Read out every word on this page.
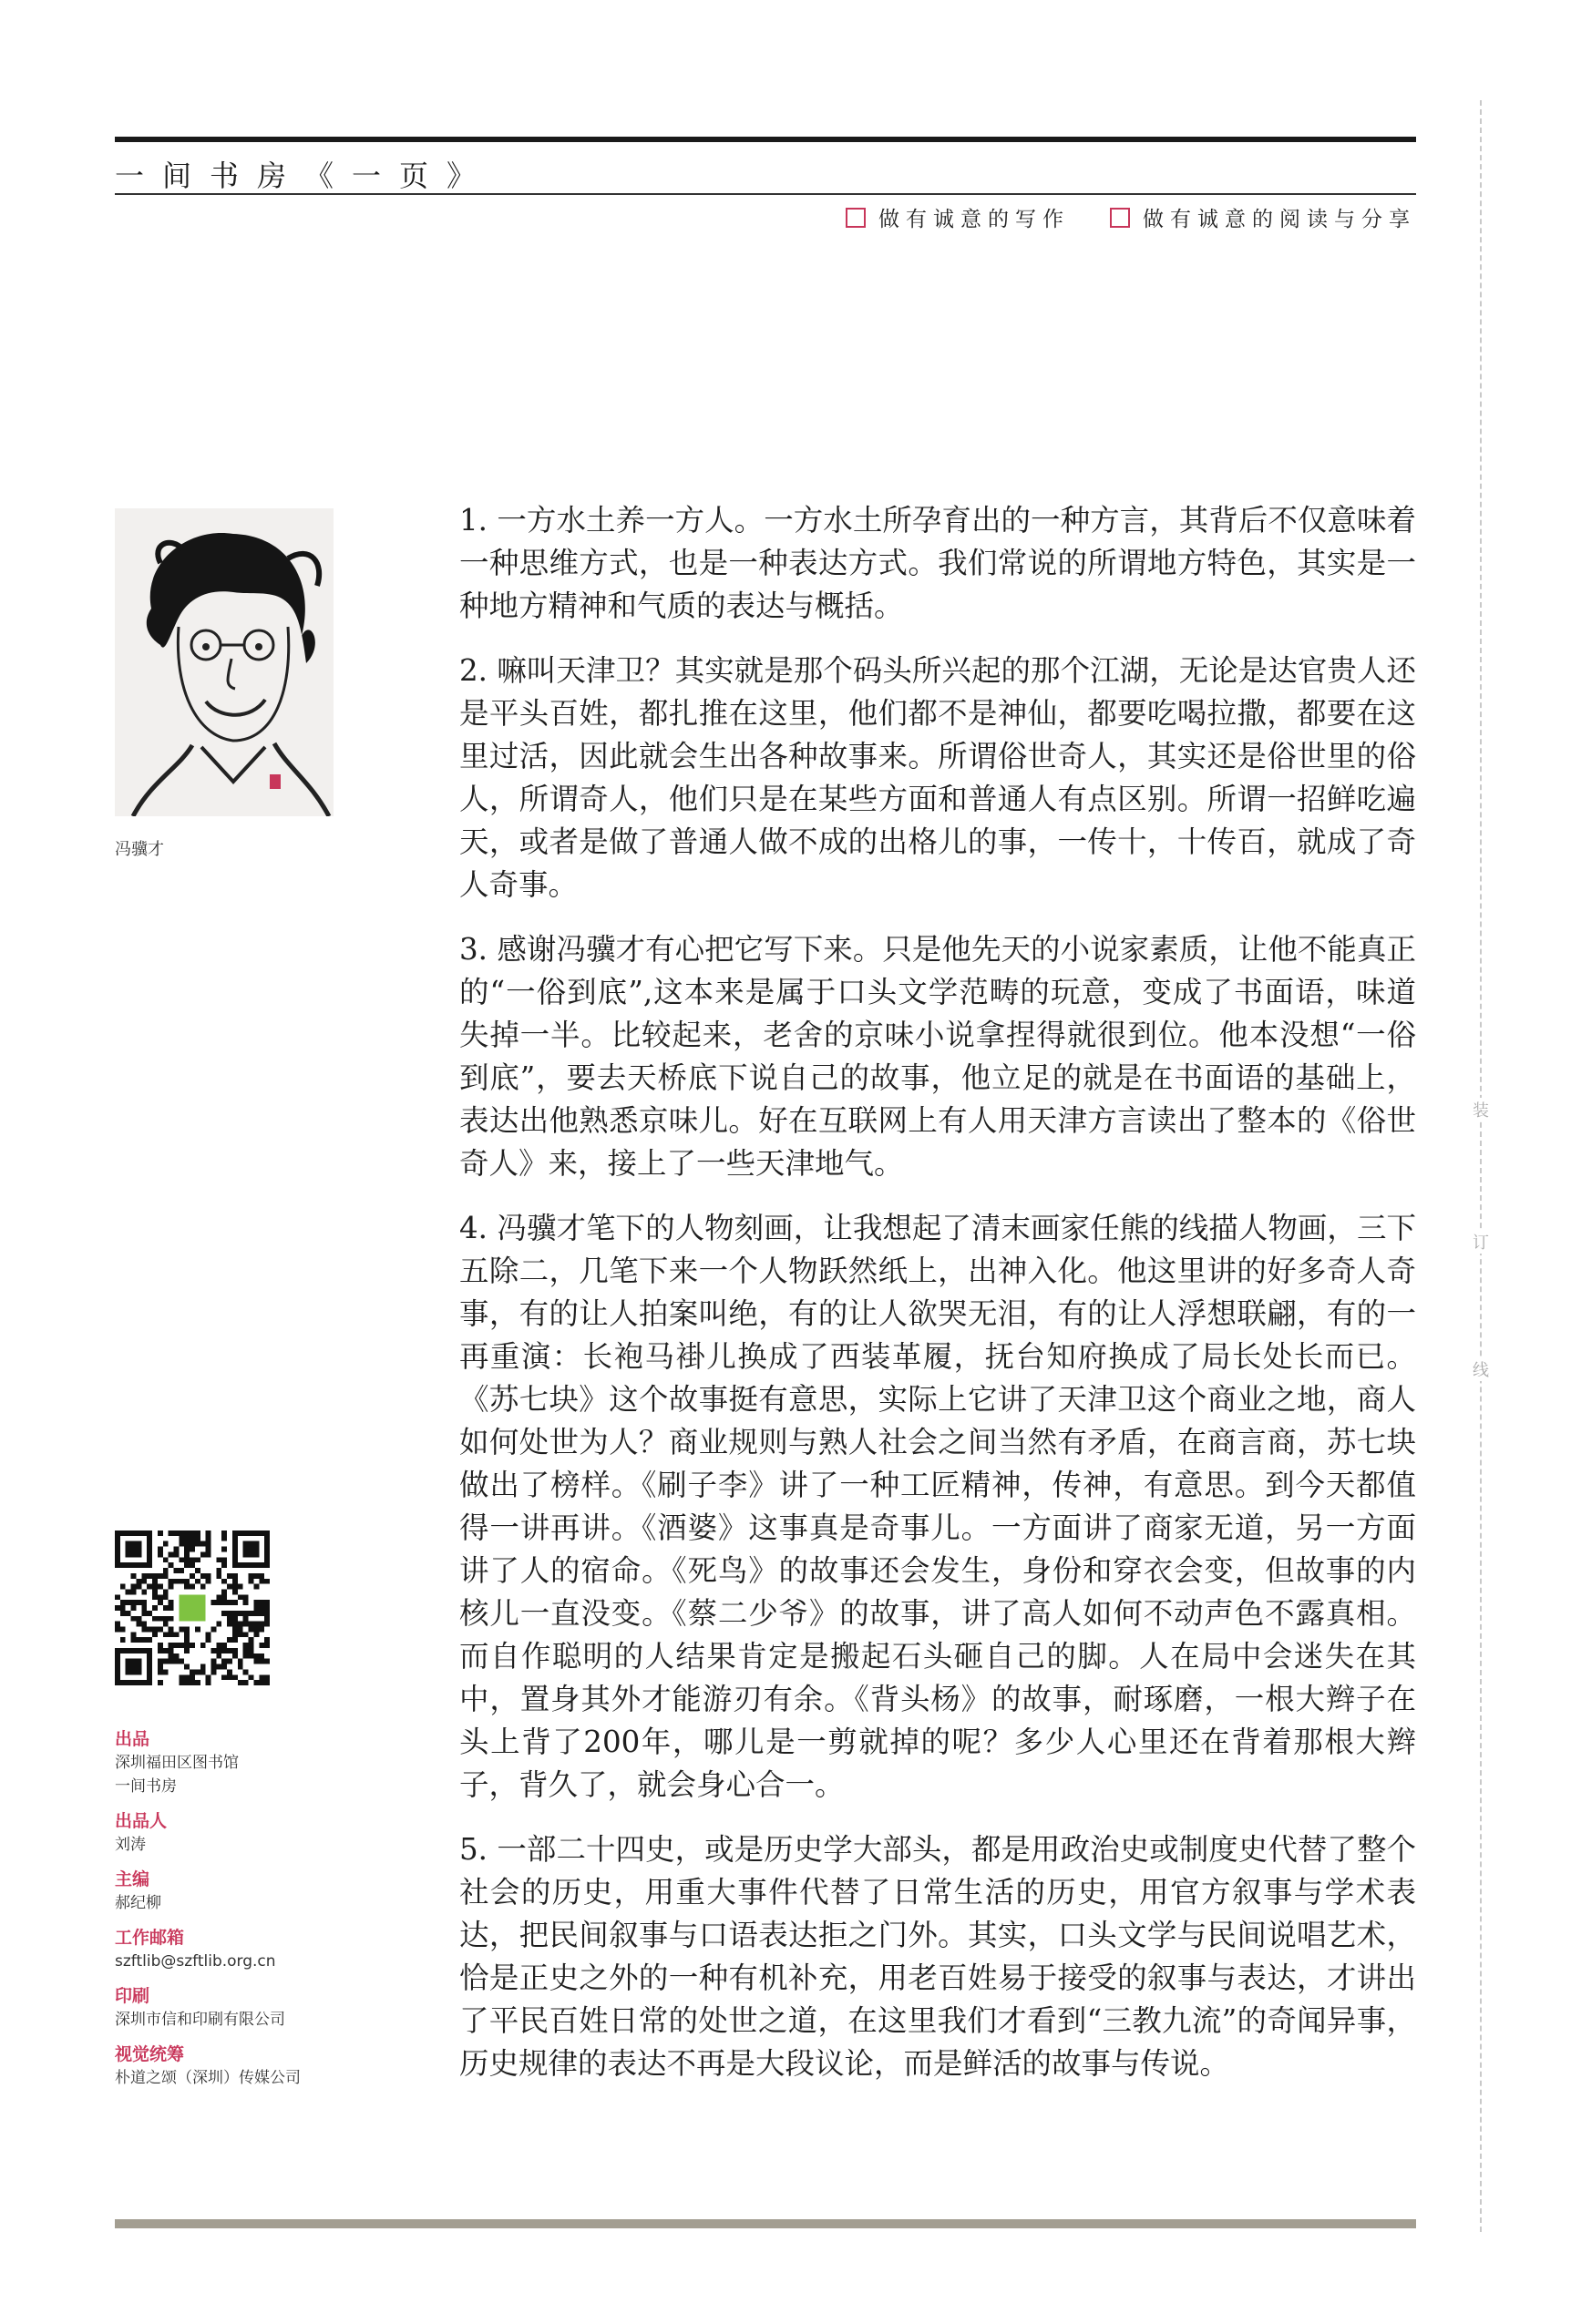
一间书房《一页》
做有诚意的写作	做有诚意的阅读与分享
冯骥才

1. 一方水土养一方人。一方水土所孕育出的一种方言，其背后不仅意味着一种思维方式，也是一种表达方式。我们常说的所谓地方特色，其实是一种地方精神和气质的表达与概括。

2. 嘛叫天津卫？其实就是那个码头所兴起的那个江湖，无论是达官贵人还是平头百姓，都扎推在这里，他们都不是神仙，都要吃喝拉撒，都要在这里过活，因此就会生出各种故事来。所谓俗世奇人，其实还是俗世里的俗人，所谓奇人，他们只是在某些方面和普通人有点区别。所谓一招鲜吃遍天，或者是做了普通人做不成的出格儿的事，一传十，十传百，就成了奇人奇事。

3. 感谢冯骥才有心把它写下来。只是他先天的小说家素质，让他不能真正的“一俗到底”,这本来是属于口头文学范畴的玩意，变成了书面语，味道失掉一半。比较起来，老舍的京味小说拿捏得就很到位。他本没想“一俗到底”，要去天桥底下说自己的故事，他立足的就是在书面语的基础上，表达出他熟悉京味儿。好在互联网上有人用天津方言读出了整本的《俗世奇人》来，接上了一些天津地气。

4. 冯骥才笔下的人物刻画，让我想起了清末画家任熊的线描人物画，三下五除二，几笔下来一个人物跃然纸上，出神入化。他这里讲的好多奇人奇事，有的让人拍案叫绝，有的让人欲哭无泪，有的让人浮想联翩，有的一再重演：长袍马褂儿换成了西装革履，抚台知府换成了局长处长而已。《苏七块》这个故事挺有意思，实际上它讲了天津卫这个商业之地，商人如何处世为人？商业规则与熟人社会之间当然有矛盾，在商言商，苏七块做出了榜样。《刷子李》讲了一种工匠精神，传神，有意思。到今天都值得一讲再讲。《酒婆》这事真是奇事儿。一方面讲了商家无道，另一方面讲了人的宿命。《死鸟》的故事还会发生，身份和穿衣会变，但故事的内核儿一直没变。《蔡二少爷》的故事，讲了高人如何不动声色不露真相。而自作聪明的人结果肯定是搬起石头砸自己的脚。人在局中会迷失在其中，置身其外才能游刃有余。《背头杨》的故事，耐琢磨，一根大辫子在头上背了200年，哪儿是一剪就掉的呢？多少人心里还在背着那根大辫子，背久了，就会身心合一。

5. 一部二十四史，或是历史学大部头，都是用政治史或制度史代替了整个社会的历史，用重大事件代替了日常生活的历史，用官方叙事与学术表达，把民间叙事与口语表达拒之门外。其实，口头文学与民间说唱艺术，恰是正史之外的一种有机补充，用老百姓易于接受的叙事与表达，才讲出了平民百姓日常的处世之道，在这里我们才看到“三教九流”的奇闻异事，历史规律的表达不再是大段议论，而是鲜活的故事与传说。

出品
深圳福田区图书馆
一间书房
出品人
刘涛
主编
郝纪柳
工作邮箱
szftlib@szftlib.org.cn
印刷
深圳市信和印刷有限公司
视觉统筹
朴道之颂（深圳）传媒公司
装
订
线
